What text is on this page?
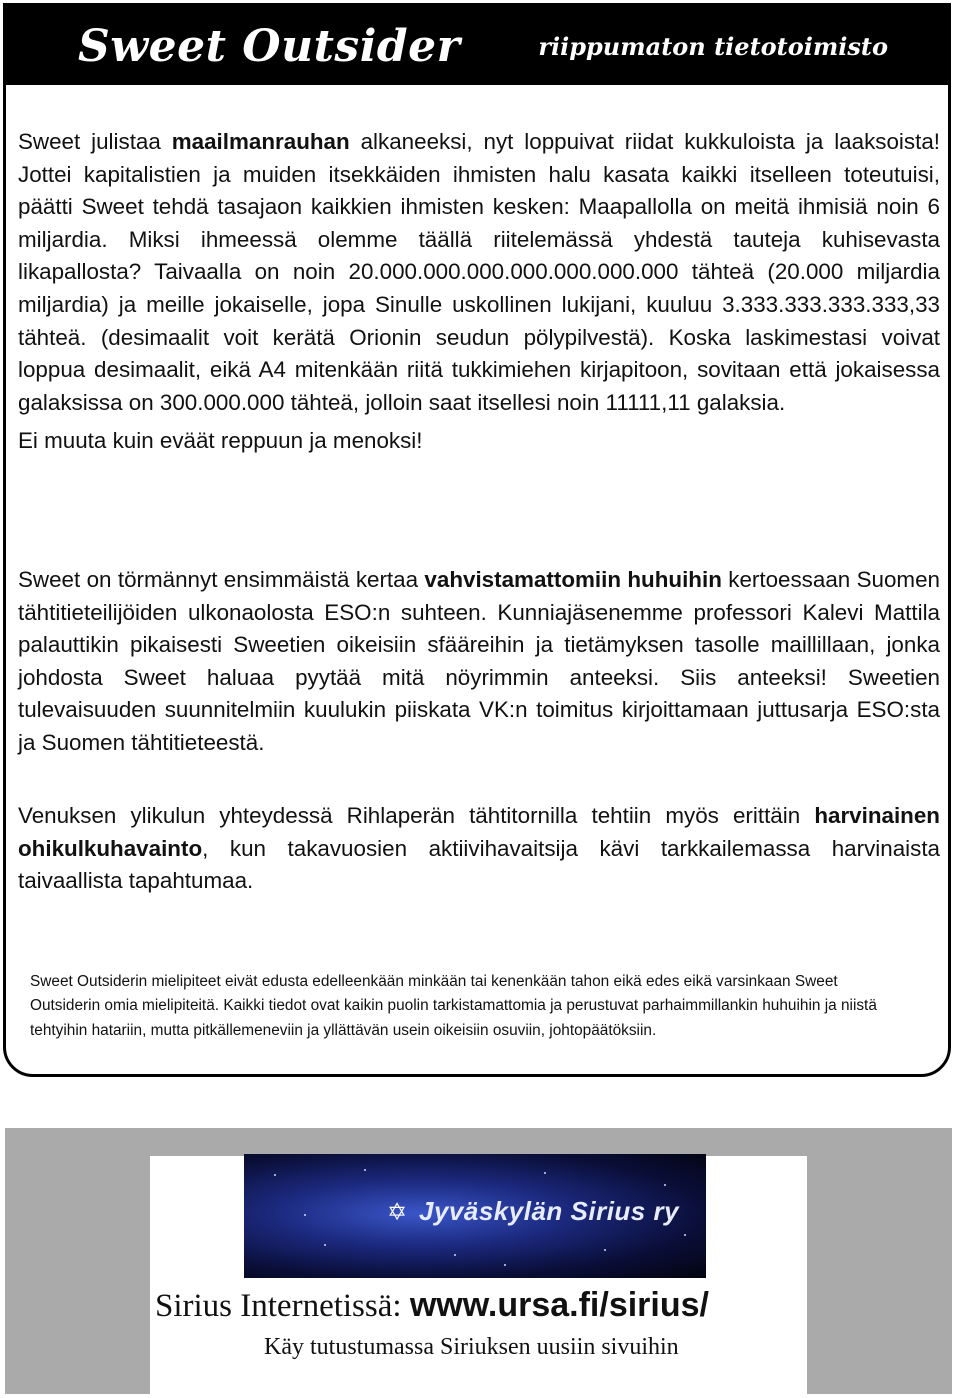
Sweet Outsider	riippumaton tietotoimisto

Sweet julistaa maailmanrauhan alkaneeksi, nyt loppuivat riidat kukkuloista ja laaksoista! Jottei kapitalistien ja muiden itsekkäiden ihmisten halu kasata kaikki itselleen toteutuisi, päätti Sweet tehdä tasajaon kaikkien ihmisten kesken: Maapallolla on meitä ihmisiä noin 6 miljardia. Miksi ihmeessä olemme täällä riitelemässä yhdestä tauteja kuhisevasta likapallosta? Taivaalla on noin 20.000.000.000.000.000.000.000 tähteä (20.000 miljardia miljardia) ja meille jokaiselle, jopa Sinulle uskollinen lukijani, kuuluu 3.333.333.333.333,33 tähteä. (desimaalit voit kerätä Orionin seudun pölypilvestä). Koska laskimestasi voivat loppua desimaalit, eikä A4 mitenkään riitä tukkimiehen kirjapitoon, sovitaan että jokaisessa galaksissa on 300.000.000 tähteä, jolloin saat itsellesi noin 11111,11 galaksia.

Ei muuta kuin eväät reppuun ja menoksi!

Sweet on törmännyt ensimmäistä kertaa vahvistamattomiin huhuihin kertoessaan Suomen tähtitieteilijöiden ulkonaolosta ESO:n suhteen. Kunniajäsenemme professori Kalevi Mattila palauttikin pikaisesti Sweetien oikeisiin sfääreihin ja tietämyksen tasolle maillillaan, jonka johdosta Sweet haluaa pyytää mitä nöyrimmin anteeksi. Siis anteeksi! Sweetien tulevaisuuden suunnitelmiin kuulukin piiskata VK:n toimitus kirjoittamaan juttusarja ESO:sta ja Suomen tähtitieteestä.

Venuksen ylikulun yhteydessä Rihlaperän tähtitornilla tehtiin myös erittäin harvinainen ohikulkuhavainto, kun takavuosien aktiivihavaitsija kävi tarkkailemassa harvinaista taivaallista tapahtumaa.

Sweet Outsiderin mielipiteet eivät edusta edelleenkään minkään tai kenenkään tahon eikä edes eikä varsinkaan Sweet Outsiderin omia mielipiteitä. Kaikki tiedot ovat kaikin puolin tarkistamattomia ja perustuvat parhaimmillankin huhuihin ja niistä tehtyihin hatariin, mutta pitkällemeneviin ja yllättävän usein oikeisiin osuviin, johtopäätöksiin.
✡ Jyväskylän Sirius ry
Sirius Internetissä: www.ursa.fi/sirius/
Käy tutustumassa Siriuksen uusiin sivuihin
